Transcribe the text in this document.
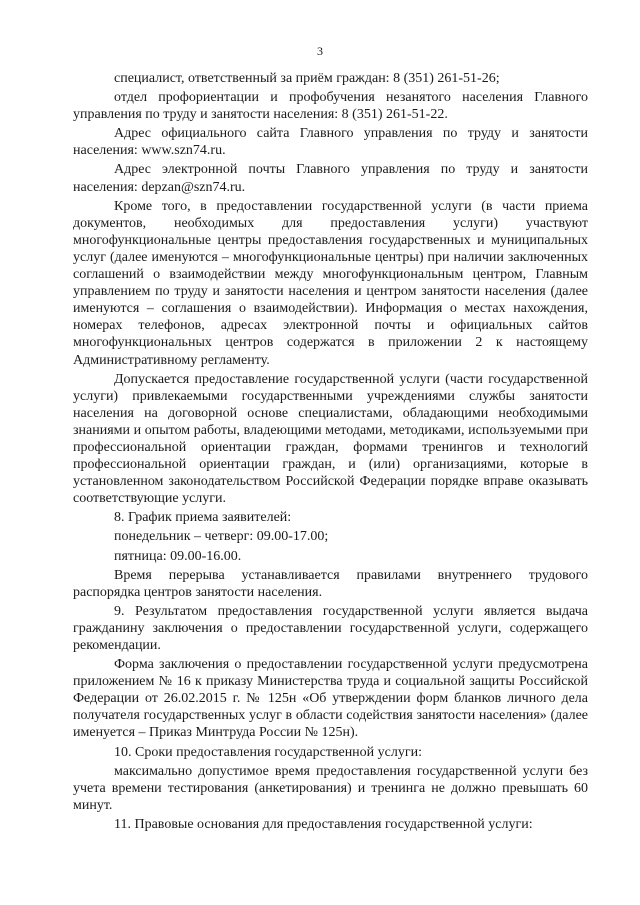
3

специалист, ответственный за приём граждан: 8 (351) 261-51-26;

отдел профориентации и профобучения незанятого населения Главного управления по труду и занятости населения: 8 (351) 261-51-22.

Адрес официального сайта Главного управления по труду и занятости населения: www.szn74.ru.

Адрес электронной почты Главного управления по труду и занятости населения: depzan@szn74.ru.

Кроме того, в предоставлении государственной услуги (в части приема документов, необходимых для предоставления услуги) участвуют многофункциональные центры предоставления государственных и муниципальных услуг (далее именуются – многофункциональные центры) при наличии заключенных соглашений о взаимодействии между многофункциональным центром, Главным управлением по труду и занятости населения и центром занятости населения (далее именуются – соглашения о взаимодействии). Информация о местах нахождения, номерах телефонов, адресах электронной почты и официальных сайтов многофункциональных центров содержатся в приложении 2 к настоящему Административному регламенту.

Допускается предоставление государственной услуги (части государственной услуги) привлекаемыми государственными учреждениями службы занятости населения на договорной основе специалистами, обладающими необходимыми знаниями и опытом работы, владеющими методами, методиками, используемыми при профессиональной ориентации граждан, формами тренингов и технологий профессиональной ориентации граждан, и (или) организациями, которые в установленном законодательством Российской Федерации порядке вправе оказывать соответствующие услуги.

8. График приема заявителей:

понедельник – четверг: 09.00-17.00;

пятница: 09.00-16.00.

Время перерыва устанавливается правилами внутреннего трудового распорядка центров занятости населения.

9. Результатом предоставления государственной услуги является выдача гражданину заключения о предоставлении государственной услуги, содержащего рекомендации.

Форма заключения о предоставлении государственной услуги предусмотрена приложением № 16 к приказу Министерства труда и социальной защиты Российской Федерации от 26.02.2015 г. № 125н «Об утверждении форм бланков личного дела получателя государственных услуг в области содействия занятости населения» (далее именуется – Приказ Минтруда России № 125н).

10. Сроки предоставления государственной услуги:

максимально допустимое время предоставления государственной услуги без учета времени тестирования (анкетирования) и тренинга не должно превышать 60 минут.

11. Правовые основания для предоставления государственной услуги:
